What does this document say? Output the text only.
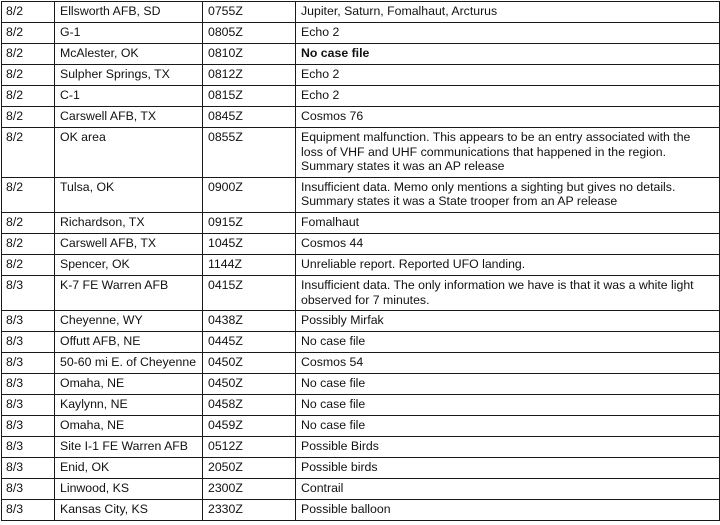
8/2	Ellsworth AFB, SD	0755Z	Jupiter, Saturn, Fomalhaut, Arcturus
8/2	G-1	0805Z	Echo 2
8/2	McAlester, OK	0810Z	No case file
8/2	Sulpher Springs, TX	0812Z	Echo 2
8/2	C-1	0815Z	Echo 2
8/2	Carswell AFB, TX	0845Z	Cosmos 76
8/2	OK area	0855Z	Equipment malfunction. This appears to be an entry associated with the loss of VHF and UHF communications that happened in the region. Summary states it was an AP release
8/2	Tulsa, OK	0900Z	Insufficient data. Memo only mentions a sighting but gives no details. Summary states it was a State trooper from an AP release
8/2	Richardson, TX	0915Z	Fomalhaut
8/2	Carswell AFB, TX	1045Z	Cosmos 44
8/2	Spencer, OK	1144Z	Unreliable report. Reported UFO landing.
8/3	K-7 FE Warren AFB	0415Z	Insufficient data. The only information we have is that it was a white light observed for 7 minutes.
8/3	Cheyenne, WY	0438Z	Possibly Mirfak
8/3	Offutt AFB, NE	0445Z	No case file
8/3	50-60 mi E. of Cheyenne	0450Z	Cosmos 54
8/3	Omaha, NE	0450Z	No case file
8/3	Kaylynn, NE	0458Z	No case file
8/3	Omaha, NE	0459Z	No case file
8/3	Site I-1 FE Warren AFB	0512Z	Possible Birds
8/3	Enid, OK	2050Z	Possible birds
8/3	Linwood, KS	2300Z	Contrail
8/3	Kansas City, KS	2330Z	Possible balloon
